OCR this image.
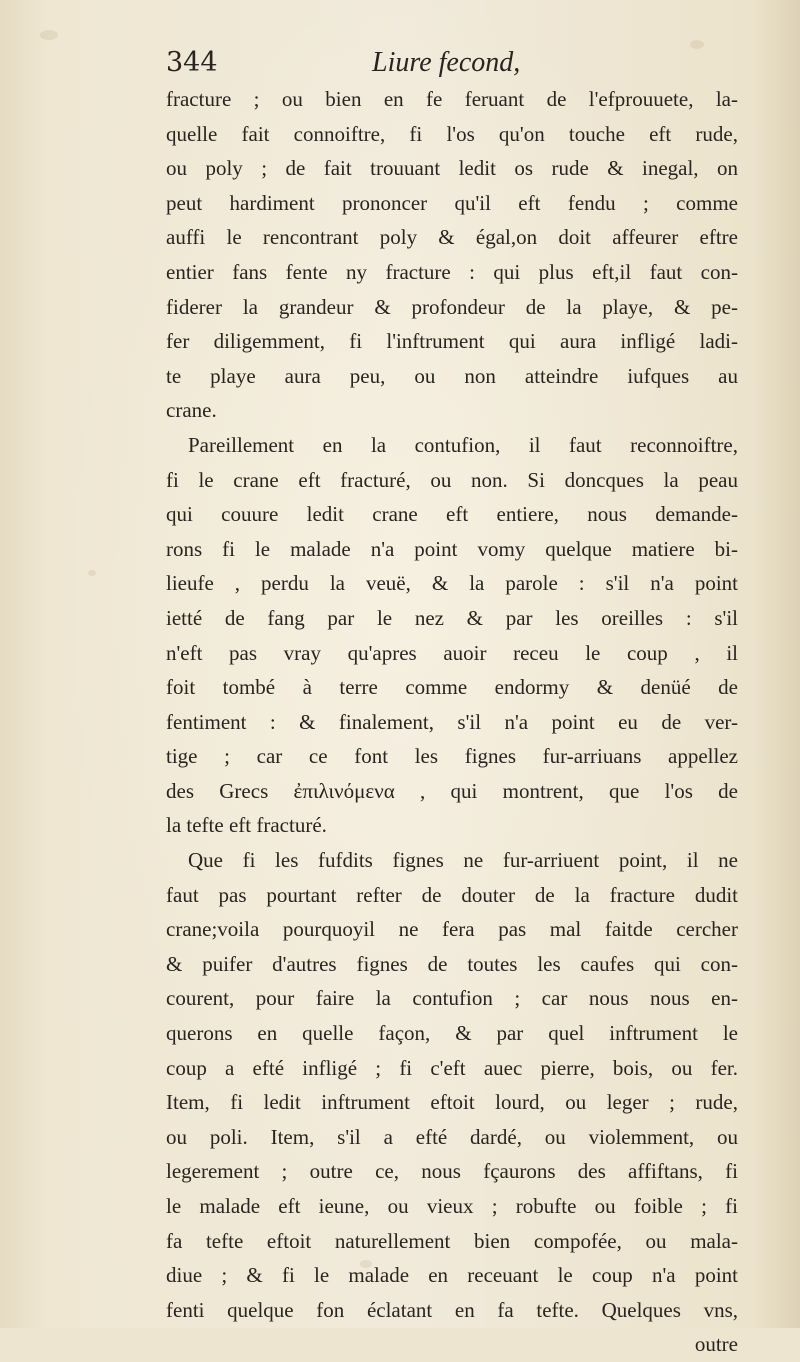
344	Liure fecond,
fracture ; ou bien en fe feruant de l'efprouuete, la-
quelle fait connoiftre, fi l'os qu'on touche eft rude,
ou poly ; de fait trouuant ledit os rude & inegal, on
peut hardiment prononcer qu'il eft fendu ; comme
auffi le rencontrant poly & égal,on doit affeurer eftre
entier fans fente ny fracture : qui plus eft,il faut con-
fiderer la grandeur & profondeur de la playe, & pe-
fer diligemment, fi l'inftrument qui aura infligé ladi-
te playe aura peu, ou non atteindre iufques au
crane.
Pareillement en la contufion, il faut reconnoiftre,
fi le crane eft fracturé, ou non. Si doncques la peau
qui couure ledit crane eft entiere, nous demande-
rons fi le malade n'a point vomy quelque matiere bi-
lieufe , perdu la veuë, & la parole : s'il n'a point
ietté de fang par le nez & par les oreilles : s'il
n'eft pas vray qu'apres auoir receu le coup , il
foit tombé à terre comme endormy & denüé de
fentiment : & finalement, s'il n'a point eu de ver-
tige ; car ce font les fignes fur-arriuans appellez
des Grecs ἐπιλινόμενα , qui montrent, que l'os de
la tefte eft fracturé.
Que fi les fufdits fignes ne fur-arriuent point, il ne
faut pas pourtant refter de douter de la fracture dudit
crane;voila pourquoyil ne fera pas mal faitde cercher
& puifer d'autres fignes de toutes les caufes qui con-
courent, pour faire la contufion ; car nous nous en-
querons en quelle façon, & par quel inftrument le
coup a efté infligé ; fi c'eft auec pierre, bois, ou fer.
Item, fi ledit inftrument eftoit lourd, ou leger ; rude,
ou poli. Item, s'il a efté dardé, ou violemment, ou
legerement ; outre ce, nous fçaurons des affiftans, fi
le malade eft ieune, ou vieux ; robufte ou foible ; fi
fa tefte eftoit naturellement bien compofée, ou mala-
diue ; & fi le malade en receuant le coup n'a point
fenti quelque fon éclatant en fa tefte. Quelques vns,
outre
